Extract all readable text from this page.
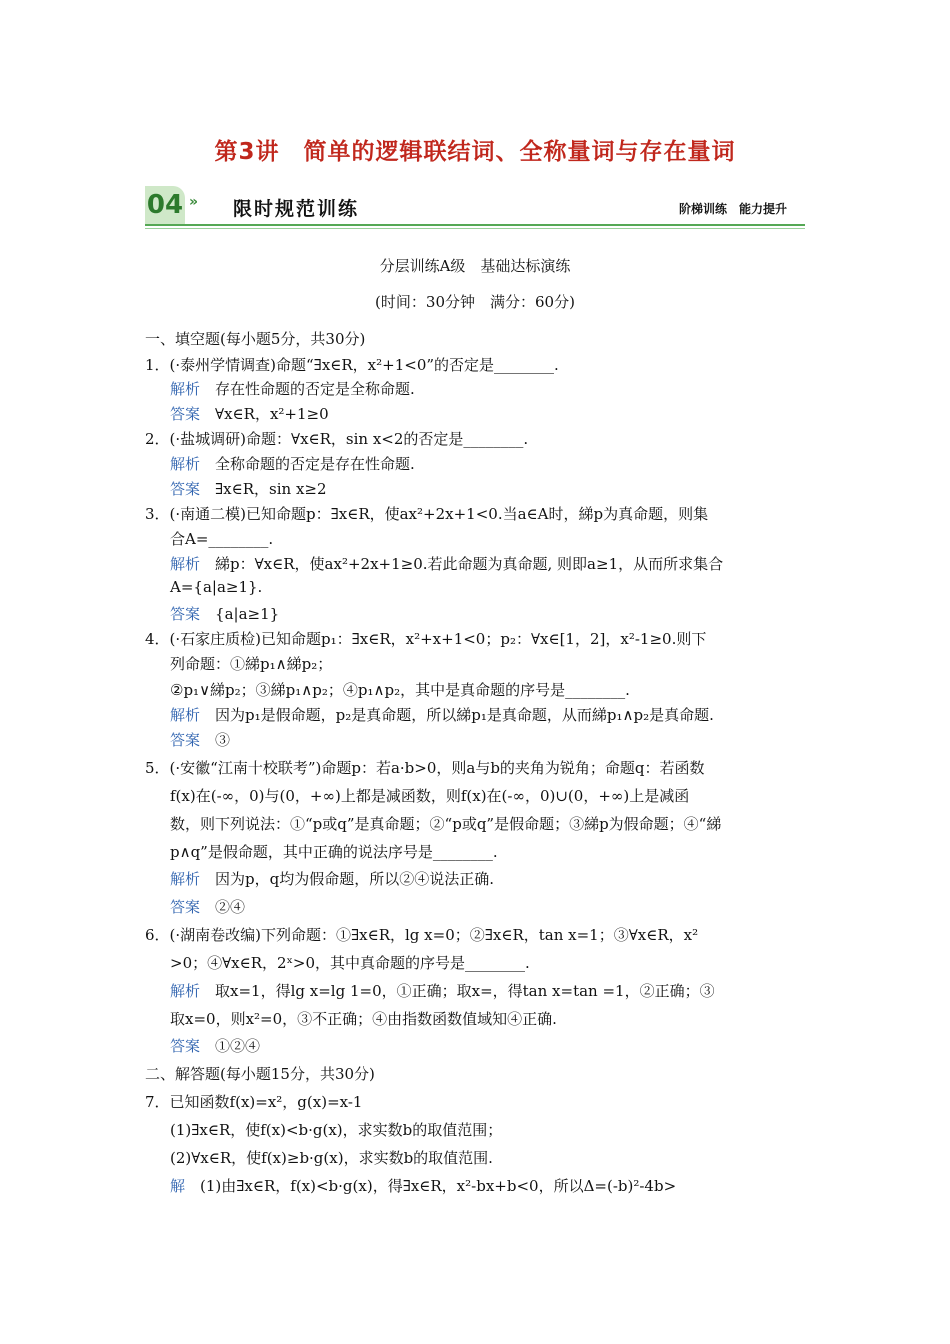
第3讲　简单的逻辑联结词、全称量词与存在量词
04 » 限时规范训练	阶梯训练　能力提升
分层训练A级　基础达标演练
(时间：30分钟　满分：60分)
一、填空题(每小题5分，共30分)
1．(·泰州学情调查)命题“∃x∈R，x²+1<0”的否定是________.
解析　 存在性命题的否定是全称命题.
答案　 ∀x∈R，x²+1≥0
2．(·盐城调研)命题：∀x∈R，sin x<2的否定是________.
解析　 全称命题的否定是存在性命题.
答案　 ∃x∈R，sin x≥2
3．(·南通二模)已知命题p：∃x∈R，使ax²+2x+1<0.当a∈A时，綈p为真命题，则集
合A=________.
解析　 綈p：∀x∈R，使ax²+2x+1≥0.若此命题为真命题, 则即a≥1，从而所求集合
A={a|a≥1}.
答案　 {a|a≥1}
4．(·石家庄质检)已知命题p₁：∃x∈R，x²+x+1<0；p₂：∀x∈[1，2]，x²-1≥0.则下
列命题：①綈p₁∧綈p₂；
②p₁∨綈p₂；③綈p₁∧p₂；④p₁∧p₂，其中是真命题的序号是________.
解析　 因为p₁是假命题，p₂是真命题，所以綈p₁是真命题，从而綈p₁∧p₂是真命题.
答案　 ③
5．(·安徽“江南十校联考”)命题p：若a·b>0，则a与b的夹角为锐角；命题q：若函数
f(x)在(-∞，0)与(0，+∞)上都是减函数，则f(x)在(-∞，0)∪(0，+∞)上是减函
数，则下列说法：①“p或q”是真命题；②“p或q”是假命题；③綈p为假命题；④“綈
p∧q”是假命题，其中正确的说法序号是________.
解析　 因为p，q均为假命题，所以②④说法正确.
答案　 ②④
6．(·湖南卷改编)下列命题：①∃x∈R，lg x=0；②∃x∈R，tan x=1；③∀x∈R，x²
>0；④∀x∈R，2ˣ>0，其中真命题的序号是________.
解析　 取x=1，得lg x=lg 1=0，①正确；取x=，得tan x=tan =1，②正确；③
取x=0，则x²=0，③不正确；④由指数函数值域知④正确.
答案　 ①②④
二、解答题(每小题15分，共30分)
7．已知函数f(x)=x²，g(x)=x-1
(1)∃x∈R，使f(x)<b·g(x)，求实数b的取值范围；
(2)∀x∈R，使f(x)≥b·g(x)，求实数b的取值范围.
解　 (1)由∃x∈R，f(x)<b·g(x)，得∃x∈R，x²-bx+b<0，所以Δ=(-b)²-4b>
